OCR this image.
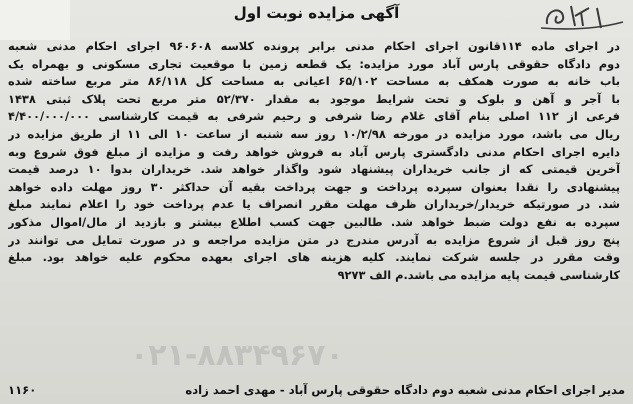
آگهی مزایده نوبت اول
در اجرای ماده ۱۱۴قانون اجرای احکام مدنی برابر پرونده کلاسه ۹۶۰۶۰۸ اجرای احکام مدنی شعبه
دوم دادگاه حقوقی پارس آباد مورد مزایده: یک قطعه زمین با موقعیت تجاری مسکونی و بهمراه یک
باب خانه به صورت همکف به مساحت ۶۵/۱۰۲ اعیانی به مساحت کل ۸۶/۱۱۸ متر مربع ساخته شده
با آجر و آهن و بلوک و تحت شرایط موجود به مقدار ۵۲/۳۷۰ متر مربع تحت پلاک ثبتی ۱۴۳۸
فرعی از ۱۱۲ اصلی بنام آقای غلام رضا شرفی و رحیم شرفی به قیمت کارشناسی ۴/۴۰۰/۰۰۰/۰۰۰
ریال می باشد، مورد مزایده در مورخه ۱۰/۲/۹۸ روز سه شنبه از ساعت ۱۰ الی ۱۱ از طریق مزایده در
دایره اجرای احکام مدنی دادگستری پارس آباد به فروش خواهد رفت و مزایده از مبلغ فوق شروع وبه
آخرین قیمتی که از جانب خریداران پیشنهاد شود واگذار خواهد شد. خریداران بدوا ۱۰ درصد قیمت
پیشنهادی را نقدا بعنوان سپرده پرداخت و جهت پرداخت بقیه آن حداکثر ۳۰ روز مهلت داده خواهد
شد. در صورتیکه خریدار/خریداران ظرف مهلت مقرر انصراف یا عدم پرداخت خود را اعلام نمایند مبلغ
سپرده به نفع دولت ضبط خواهد شد. طالبین جهت کسب اطلاع بیشتر و بازدید از مال/اموال مذکور
پنج روز قبل از شروع مزایده به آدرس مندرج در متن مزایده مراجعه و در صورت تمایل می توانند در
وقت مقرر در جلسه شرکت نمایند. کلیه هزینه های اجرای بعهده محکوم علیه خواهد بود. مبلغ
کارشناسی قیمت پایه مزایده می باشد.م الف ۹۲۷۳
۰۲۱-۸۸۳۴۹۶۷۰
مدیر اجرای احکام مدنی شعبه دوم دادگاه حقوقی پارس آباد - مهدی احمد زاده
۱۱۶۰
